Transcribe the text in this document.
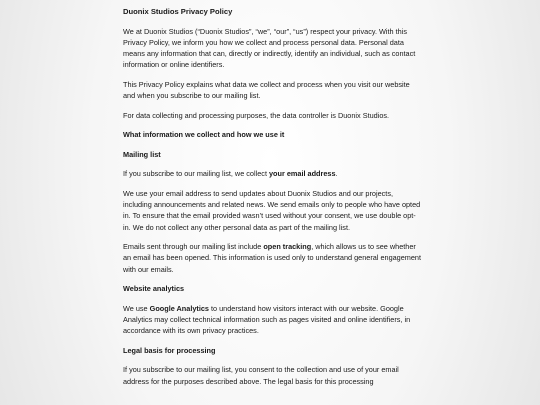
Duonix Studios Privacy Policy

We at Duonix Studios (“Duonix Studios”, “we”, “our”, “us”) respect your privacy. With this Privacy Policy, we inform you how we collect and process personal data. Personal data means any information that can, directly or indirectly, identify an individual, such as contact information or online identifiers.

This Privacy Policy explains what data we collect and process when you visit our website and when you subscribe to our mailing list.

For data collecting and processing purposes, the data controller is Duonix Studios.

What information we collect and how we use it

Mailing list

If you subscribe to our mailing list, we collect your email address.

We use your email address to send updates about Duonix Studios and our projects, including announcements and related news. We send emails only to people who have opted in. To ensure that the email provided wasn’t used without your consent, we use double opt-in. We do not collect any other personal data as part of the mailing list.

Emails sent through our mailing list include open tracking, which allows us to see whether an email has been opened. This information is used only to understand general engagement with our emails.

Website analytics

We use Google Analytics to understand how visitors interact with our website. Google Analytics may collect technical information such as pages visited and online identifiers, in accordance with its own privacy practices.

Legal basis for processing

If you subscribe to our mailing list, you consent to the collection and use of your email address for the purposes described above. The legal basis for this processing
